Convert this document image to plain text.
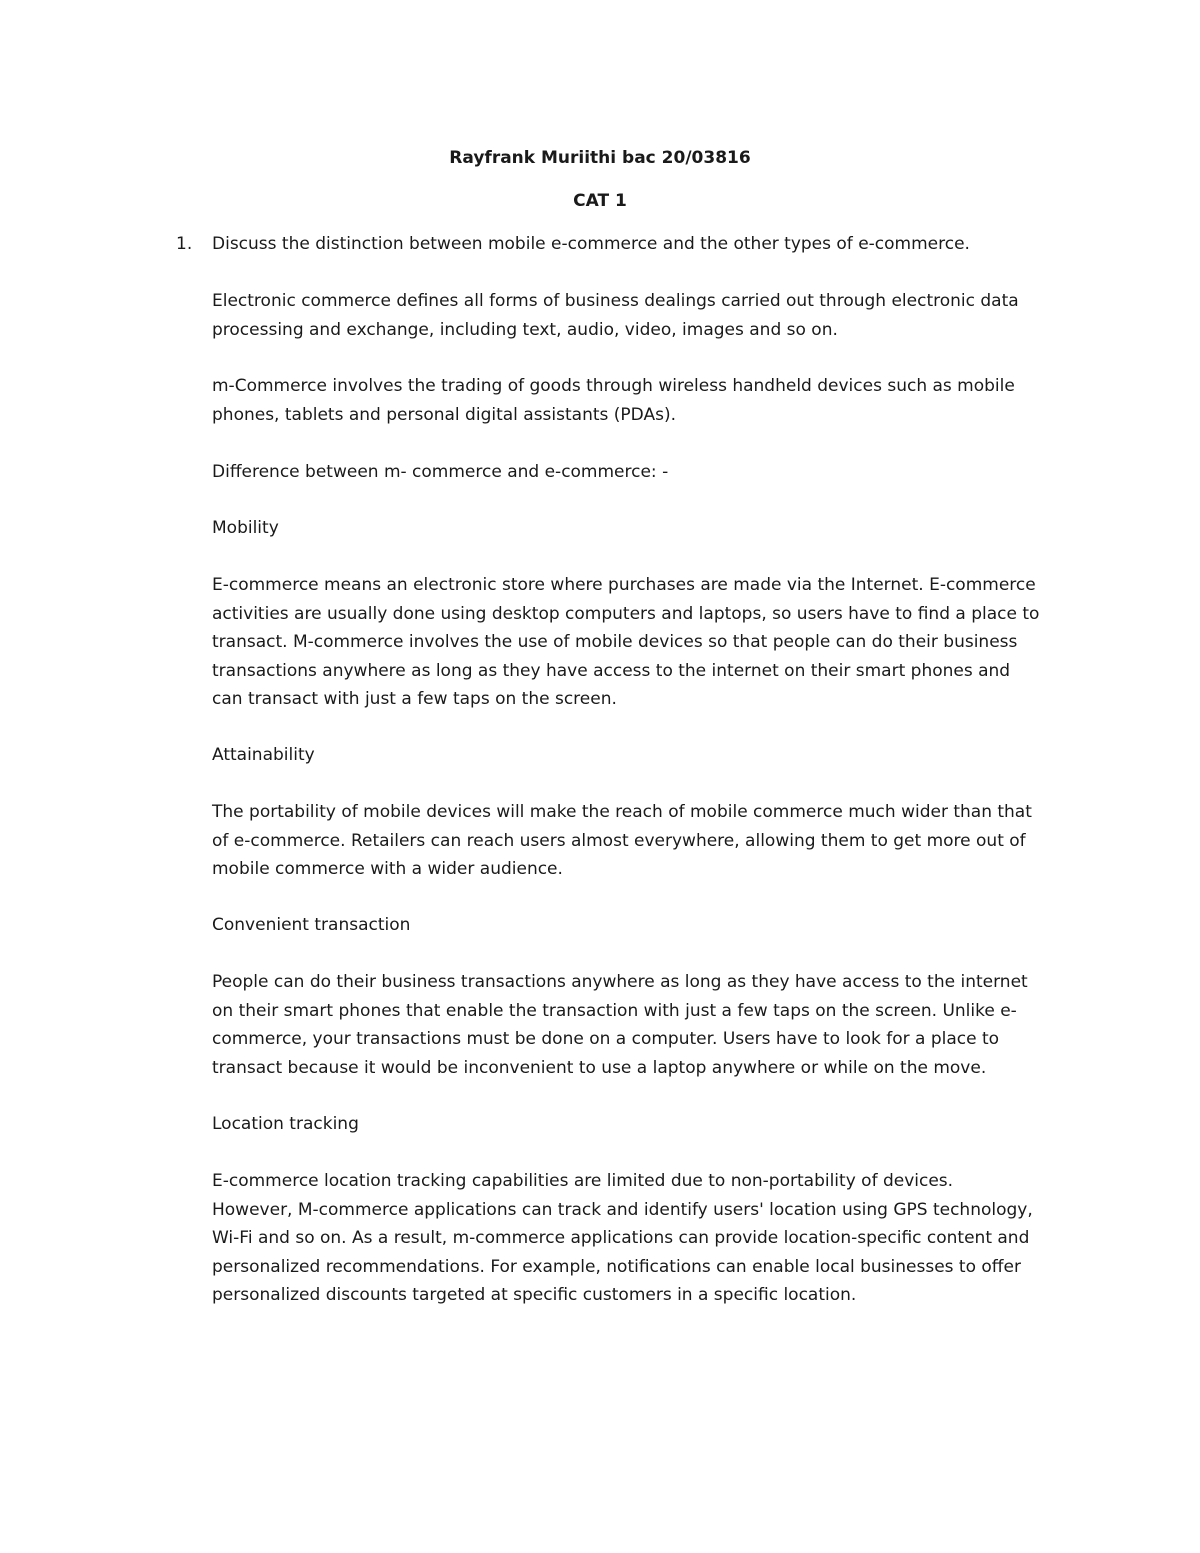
Rayfrank Muriithi bac 20/03816

CAT 1

1. Discuss the distinction between mobile e-commerce and the other types of e-commerce.

Electronic commerce defines all forms of business dealings carried out through electronic data
processing and exchange, including text, audio, video, images and so on.

m-Commerce involves the trading of goods through wireless handheld devices such as mobile
phones, tablets and personal digital assistants (PDAs).

Difference between m- commerce and e-commerce: -

Mobility

E-commerce means an electronic store where purchases are made via the Internet. E-commerce
activities are usually done using desktop computers and laptops, so users have to find a place to
transact. M-commerce involves the use of mobile devices so that people can do their business
transactions anywhere as long as they have access to the internet on their smart phones and
can transact with just a few taps on the screen.

Attainability

The portability of mobile devices will make the reach of mobile commerce much wider than that
of e-commerce. Retailers can reach users almost everywhere, allowing them to get more out of
mobile commerce with a wider audience.

Convenient transaction

People can do their business transactions anywhere as long as they have access to the internet
on their smart phones that enable the transaction with just a few taps on the screen. Unlike e-
commerce, your transactions must be done on a computer. Users have to look for a place to
transact because it would be inconvenient to use a laptop anywhere or while on the move.

Location tracking

E-commerce location tracking capabilities are limited due to non-portability of devices.
However, M-commerce applications can track and identify users' location using GPS technology,
Wi-Fi and so on. As a result, m-commerce applications can provide location-specific content and
personalized recommendations. For example, notifications can enable local businesses to offer
personalized discounts targeted at specific customers in a specific location.
